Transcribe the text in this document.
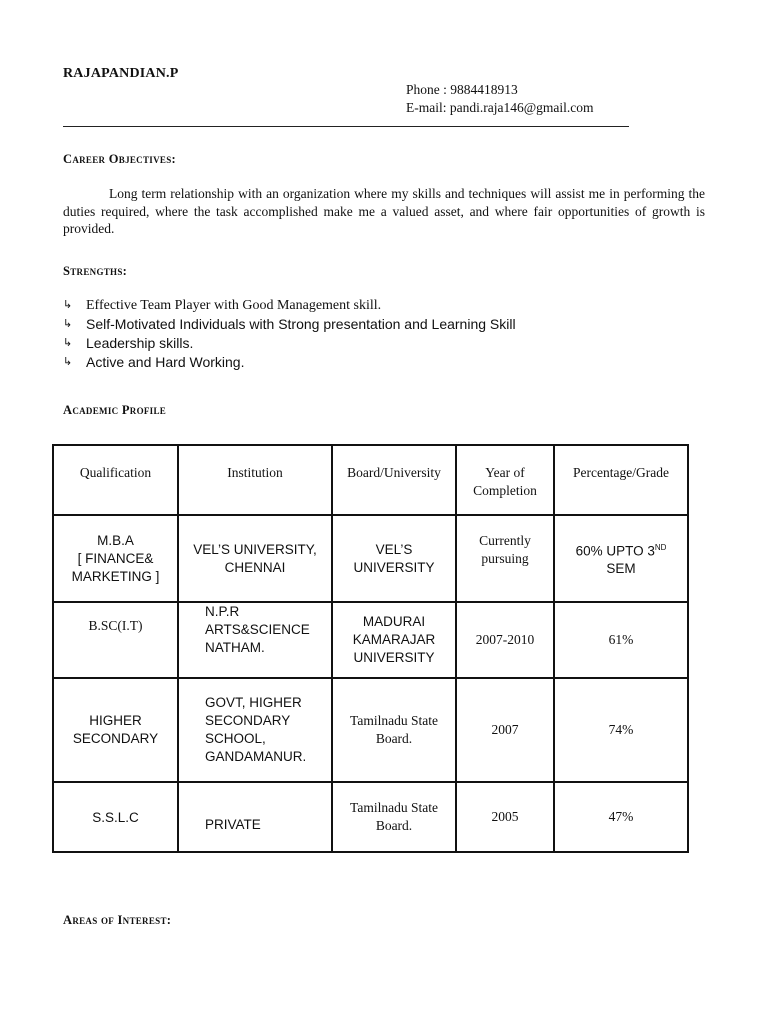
RAJAPANDIAN.P
Phone : 9884418913
E-mail: pandi.raja146@gmail.com
Career Objectives:

Long term relationship with an organization where my skills and techniques will assist me in performing the duties required, where the task accomplished make me a valued asset, and where fair opportunities of growth is provided.

Strengths:
↳ Effective Team Player with Good Management skill.
↳ Self-Motivated Individuals with Strong presentation and Learning Skill
↳ Leadership skills.
↳ Active and Hard Working.
Academic Profile
Qualification	Institution	Board/University	Year of Completion	Percentage/Grade
M.B.A
[ FINANCE&
MARKETING ]	VEL’S UNIVERSITY,
CHENNAI	VEL’S
UNIVERSITY	Currently
pursuing	60% UPTO 3ND
SEM
B.SC(I.T)	N.P.R
ARTS&SCIENCE
NATHAM.	MADURAI
KAMARAJAR
UNIVERSITY	2007-2010	61%
HIGHER
SECONDARY	GOVT, HIGHER
SECONDARY
SCHOOL,
GANDAMANUR.	Tamilnadu State
Board.	2007	74%
S.S.L.C	PRIVATE	Tamilnadu State
Board.	2005	47%
Areas of Interest:
